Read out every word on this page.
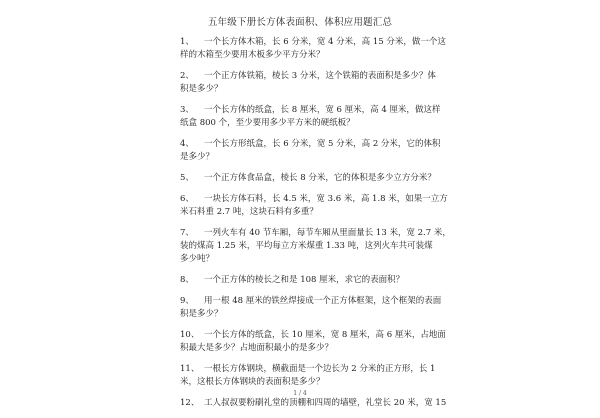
五年级下册长方体表面积、体积应用题汇总
1、 一个长方体木箱，长 6 分米，宽 4 分米，高 15 分米，做一个这
样的木箱至少要用木板多少平方分米？
2、 一个正方体铁箱，棱长 3 分米，这个铁箱的表面积是多少？体
积是多少？
3、 一个长方体的纸盒，长 8 厘米，宽 6 厘米，高 4 厘米，做这样
纸盒 800 个，至少要用多少平方米的硬纸板？
4、 一个长方形纸盒，长 6 分米，宽 5 分米，高 2 分米，它的体积
是多少？
5、 一个正方体食品盒，棱长 8 分米，它的体积是多少立方分米？
6、 一块长方体石料，长 4.5 米，宽 3.6 米，高 1.8 米，如果一立方
米石料重 2.7 吨，这块石料有多重？
7、 一列火车有 40 节车厢，每节车厢从里面量长 13 米，宽 2.7 米，
装的煤高 1.25 米，平均每立方米煤重 1.33 吨，这列火车共可装煤
多少吨？
8、 一个正方体的棱长之和是 108 厘米，求它的表面积？
9、 用一根 48 厘米的铁丝焊接成一个正方体框架，这个框架的表面
积是多少？
10、 一个长方体的纸盒，长 10 厘米，宽 8 厘米，高 6 厘米，占地面
积最大是多少？占地面积最小的是多少？
11、 一根长方体钢块，横截面是一个边长为 2 分米的正方形，长 1
米，这根长方体钢块的表面积是多少？
12、 工人叔叔要粉刷礼堂的顶棚和四周的墙壁，礼堂长 20 米，宽 15
1 / 4
